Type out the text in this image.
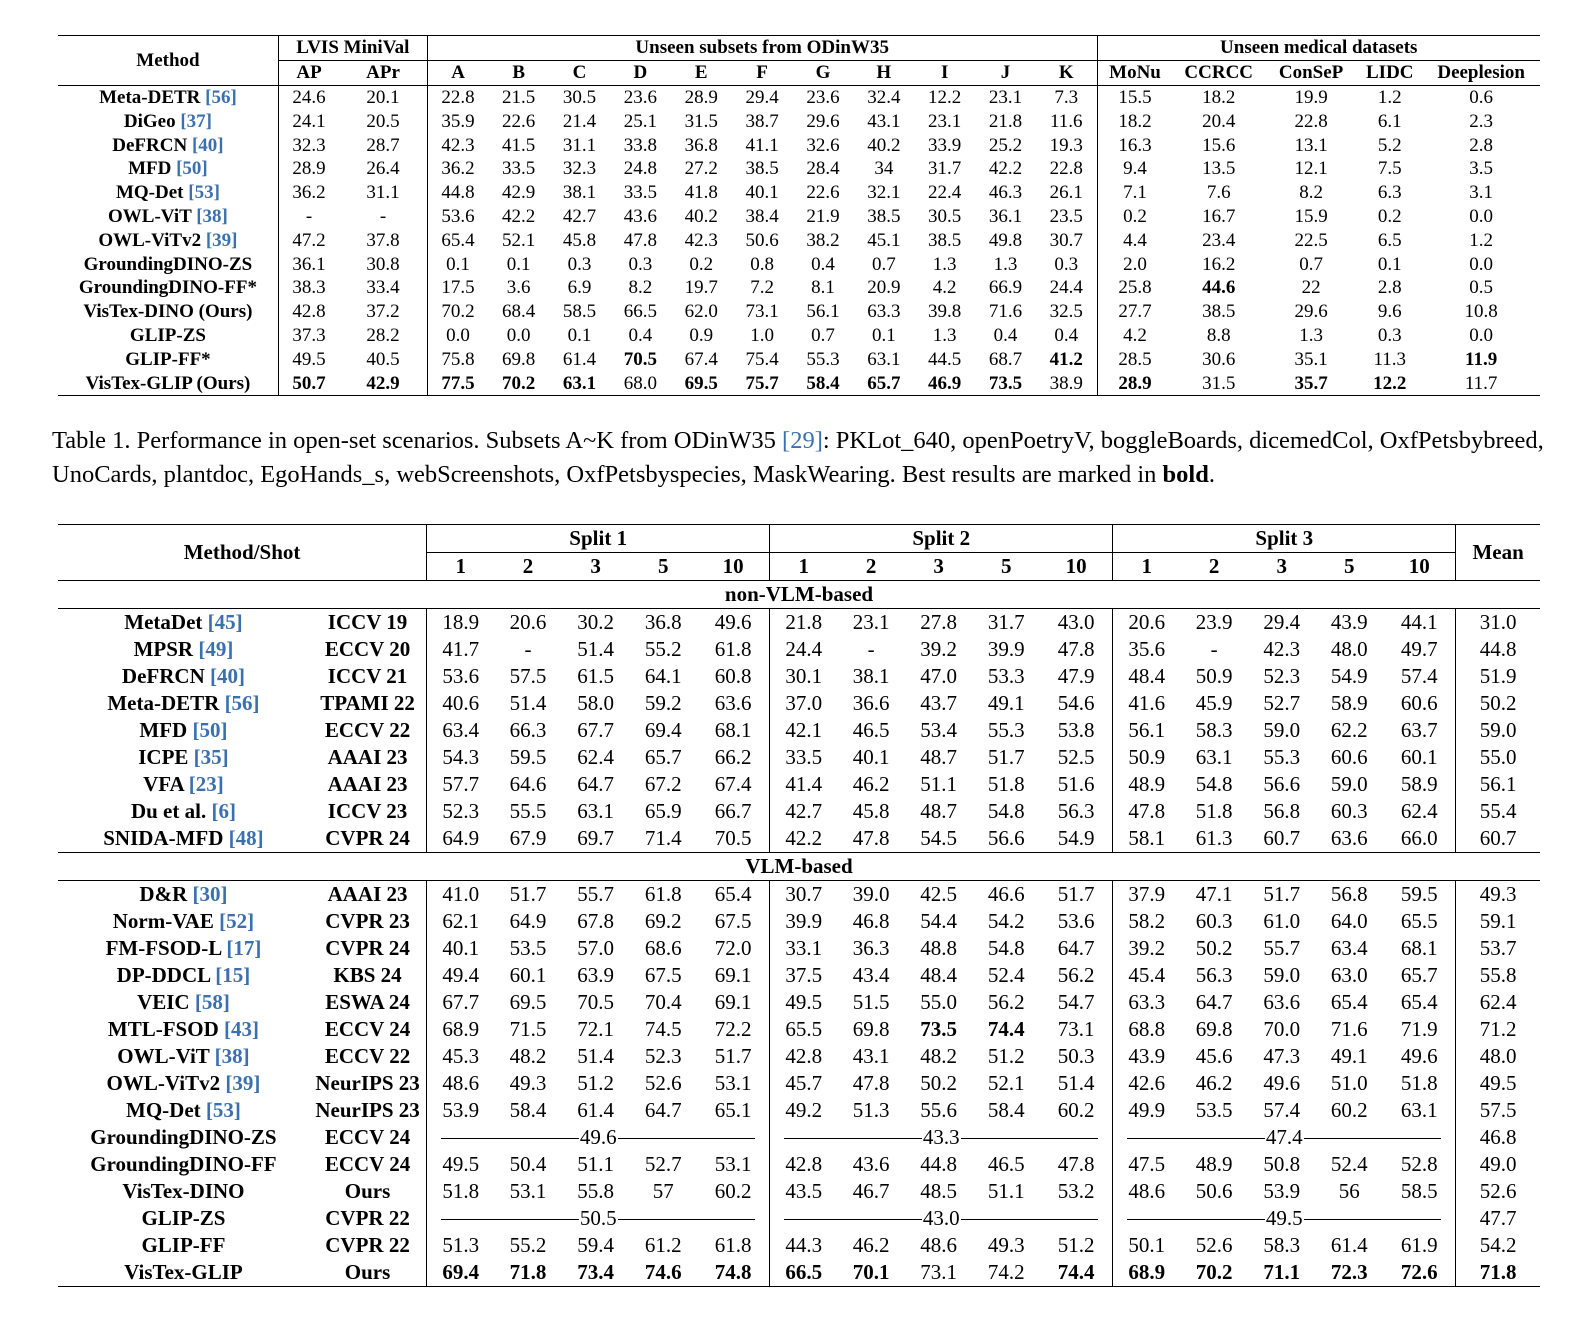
Method	LVIS MiniVal		Unseen subsets from ODinW35											Unseen medical datasets				
	AP	APr	A	B	C	D	E	F	G	H	I	J	K	MoNu	CCRCC	ConSeP	LIDC	Deeplesion
Meta-DETR [56]	24.6	20.1	22.8	21.5	30.5	23.6	28.9	29.4	23.6	32.4	12.2	23.1	7.3	15.5	18.2	19.9	1.2	0.6
DiGeo [37]	24.1	20.5	35.9	22.6	21.4	25.1	31.5	38.7	29.6	43.1	23.1	21.8	11.6	18.2	20.4	22.8	6.1	2.3
DeFRCN [40]	32.3	28.7	42.3	41.5	31.1	33.8	36.8	41.1	32.6	40.2	33.9	25.2	19.3	16.3	15.6	13.1	5.2	2.8
MFD [50]	28.9	26.4	36.2	33.5	32.3	24.8	27.2	38.5	28.4	34	31.7	42.2	22.8	9.4	13.5	12.1	7.5	3.5
MQ-Det [53]	36.2	31.1	44.8	42.9	38.1	33.5	41.8	40.1	22.6	32.1	22.4	46.3	26.1	7.1	7.6	8.2	6.3	3.1
OWL-ViT [38]	-	-	53.6	42.2	42.7	43.6	40.2	38.4	21.9	38.5	30.5	36.1	23.5	0.2	16.7	15.9	0.2	0.0
OWL-ViTv2 [39]	47.2	37.8	65.4	52.1	45.8	47.8	42.3	50.6	38.2	45.1	38.5	49.8	30.7	4.4	23.4	22.5	6.5	1.2
GroundingDINO-ZS	36.1	30.8	0.1	0.1	0.3	0.3	0.2	0.8	0.4	0.7	1.3	1.3	0.3	2.0	16.2	0.7	0.1	0.0
GroundingDINO-FF*	38.3	33.4	17.5	3.6	6.9	8.2	19.7	7.2	8.1	20.9	4.2	66.9	24.4	25.8	44.6	22	2.8	0.5
VisTex-DINO (Ours)	42.8	37.2	70.2	68.4	58.5	66.5	62.0	73.1	56.1	63.3	39.8	71.6	32.5	27.7	38.5	29.6	9.6	10.8
GLIP-ZS	37.3	28.2	0.0	0.0	0.1	0.4	0.9	1.0	0.7	0.1	1.3	0.4	0.4	4.2	8.8	1.3	0.3	0.0
GLIP-FF*	49.5	40.5	75.8	69.8	61.4	70.5	67.4	75.4	55.3	63.1	44.5	68.7	41.2	28.5	30.6	35.1	11.3	11.9
VisTex-GLIP (Ours)	50.7	42.9	77.5	70.2	63.1	68.0	69.5	75.7	58.4	65.7	46.9	73.5	38.9	28.9	31.5	35.7	12.2	11.7
Table 1. Performance in open-set scenarios. Subsets A~K from ODinW35 [29]: PKLot_640, openPoetryV, boggleBoards, dicemedCol, OxfPetsbybreed, UnoCards, plantdoc, EgoHands_s, webScreenshots, OxfPetsbyspecies, MaskWearing. Best results are marked in bold.
Method/Shot		Split 1					Split 2					Split 3					Mean
		1	2	3	5	10	1	2	3	5	10	1	2	3	5	10	
non-VLM-based																	
MetaDet [45]	ICCV 19	18.9	20.6	30.2	36.8	49.6	21.8	23.1	27.8	31.7	43.0	20.6	23.9	29.4	43.9	44.1	31.0
MPSR [49]	ECCV 20	41.7	-	51.4	55.2	61.8	24.4	-	39.2	39.9	47.8	35.6	-	42.3	48.0	49.7	44.8
DeFRCN [40]	ICCV 21	53.6	57.5	61.5	64.1	60.8	30.1	38.1	47.0	53.3	47.9	48.4	50.9	52.3	54.9	57.4	51.9
Meta-DETR [56]	TPAMI 22	40.6	51.4	58.0	59.2	63.6	37.0	36.6	43.7	49.1	54.6	41.6	45.9	52.7	58.9	60.6	50.2
MFD [50]	ECCV 22	63.4	66.3	67.7	69.4	68.1	42.1	46.5	53.4	55.3	53.8	56.1	58.3	59.0	62.2	63.7	59.0
ICPE [35]	AAAI 23	54.3	59.5	62.4	65.7	66.2	33.5	40.1	48.7	51.7	52.5	50.9	63.1	55.3	60.6	60.1	55.0
VFA [23]	AAAI 23	57.7	64.6	64.7	67.2	67.4	41.4	46.2	51.1	51.8	51.6	48.9	54.8	56.6	59.0	58.9	56.1
Du et al. [6]	ICCV 23	52.3	55.5	63.1	65.9	66.7	42.7	45.8	48.7	54.8	56.3	47.8	51.8	56.8	60.3	62.4	55.4
SNIDA-MFD [48]	CVPR 24	64.9	67.9	69.7	71.4	70.5	42.2	47.8	54.5	56.6	54.9	58.1	61.3	60.7	63.6	66.0	60.7
VLM-based																	
D&R [30]	AAAI 23	41.0	51.7	55.7	61.8	65.4	30.7	39.0	42.5	46.6	51.7	37.9	47.1	51.7	56.8	59.5	49.3
Norm-VAE [52]	CVPR 23	62.1	64.9	67.8	69.2	67.5	39.9	46.8	54.4	54.2	53.6	58.2	60.3	61.0	64.0	65.5	59.1
FM-FSOD-L [17]	CVPR 24	40.1	53.5	57.0	68.6	72.0	33.1	36.3	48.8	54.8	64.7	39.2	50.2	55.7	63.4	68.1	53.7
DP-DDCL [15]	KBS 24	49.4	60.1	63.9	67.5	69.1	37.5	43.4	48.4	52.4	56.2	45.4	56.3	59.0	63.0	65.7	55.8
VEIC [58]	ESWA 24	67.7	69.5	70.5	70.4	69.1	49.5	51.5	55.0	56.2	54.7	63.3	64.7	63.6	65.4	65.4	62.4
MTL-FSOD [43]	ECCV 24	68.9	71.5	72.1	74.5	72.2	65.5	69.8	73.5	74.4	73.1	68.8	69.8	70.0	71.6	71.9	71.2
OWL-ViT [38]	ECCV 22	45.3	48.2	51.4	52.3	51.7	42.8	43.1	48.2	51.2	50.3	43.9	45.6	47.3	49.1	49.6	48.0
OWL-ViTv2 [39]	NeurIPS 23	48.6	49.3	51.2	52.6	53.1	45.7	47.8	50.2	52.1	51.4	42.6	46.2	49.6	51.0	51.8	49.5
MQ-Det [53]	NeurIPS 23	53.9	58.4	61.4	64.7	65.1	49.2	51.3	55.6	58.4	60.2	49.9	53.5	57.4	60.2	63.1	57.5
GroundingDINO-ZS	ECCV 24	49.6					43.3					47.4					46.8
GroundingDINO-FF	ECCV 24	49.5	50.4	51.1	52.7	53.1	42.8	43.6	44.8	46.5	47.8	47.5	48.9	50.8	52.4	52.8	49.0
VisTex-DINO	Ours	51.8	53.1	55.8	57	60.2	43.5	46.7	48.5	51.1	53.2	48.6	50.6	53.9	56	58.5	52.6
GLIP-ZS	CVPR 22	50.5					43.0					49.5					47.7
GLIP-FF	CVPR 22	51.3	55.2	59.4	61.2	61.8	44.3	46.2	48.6	49.3	51.2	50.1	52.6	58.3	61.4	61.9	54.2
VisTex-GLIP	Ours	69.4	71.8	73.4	74.6	74.8	66.5	70.1	73.1	74.2	74.4	68.9	70.2	71.1	72.3	72.6	71.8
